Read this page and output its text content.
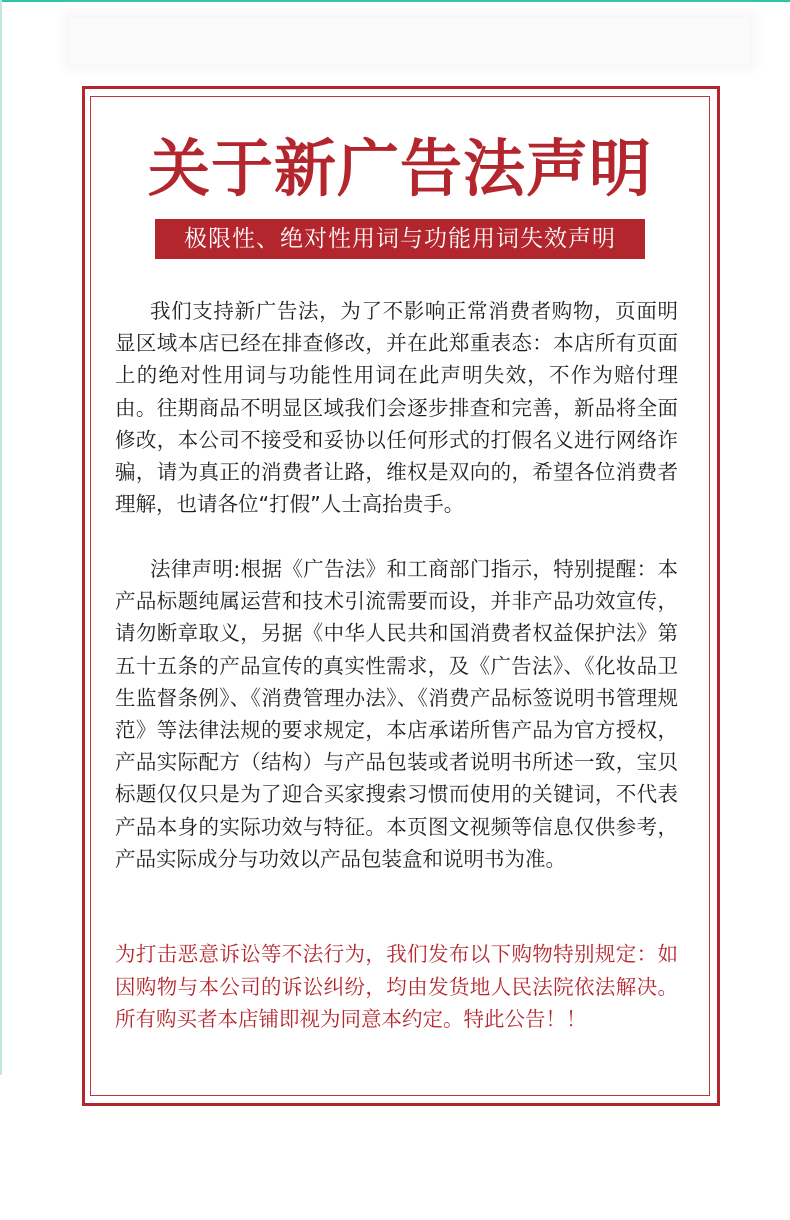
关于新广告法声明
极限性、绝对性用词与功能用词失效声明

我们支持新广告法，为了不影响正常消费者购物，页面明显区域本店已经在排查修改，并在此郑重表态：本店所有页面上的绝对性用词与功能性用词在此声明失效，不作为赔付理由。往期商品不明显区域我们会逐步排查和完善，新品将全面修改，本公司不接受和妥协以任何形式的打假名义进行网络诈骗，请为真正的消费者让路，维权是双向的，希望各位消费者理解，也请各位“打假”人士高抬贵手。

法律声明:根据《广告法》和工商部门指示，特别提醒：本产品标题纯属运营和技术引流需要而设，并非产品功效宣传，请勿断章取义，另据《中华人民共和国消费者权益保护法》第五十五条的产品宣传的真实性需求，及《广告法》、《化妆品卫生监督条例》、《消费管理办法》、《消费产品标签说明书管理规范》等法律法规的要求规定，本店承诺所售产品为官方授权，产品实际配方（结构）与产品包装或者说明书所述一致，宝贝标题仅仅只是为了迎合买家搜索习惯而使用的关键词，不代表产品本身的实际功效与特征。本页图文视频等信息仅供参考，产品实际成分与功效以产品包装盒和说明书为准。

为打击恶意诉讼等不法行为，我们发布以下购物特别规定：如因购物与本公司的诉讼纠纷，均由发货地人民法院依法解决。所有购买者本店铺即视为同意本约定。特此公告！！
